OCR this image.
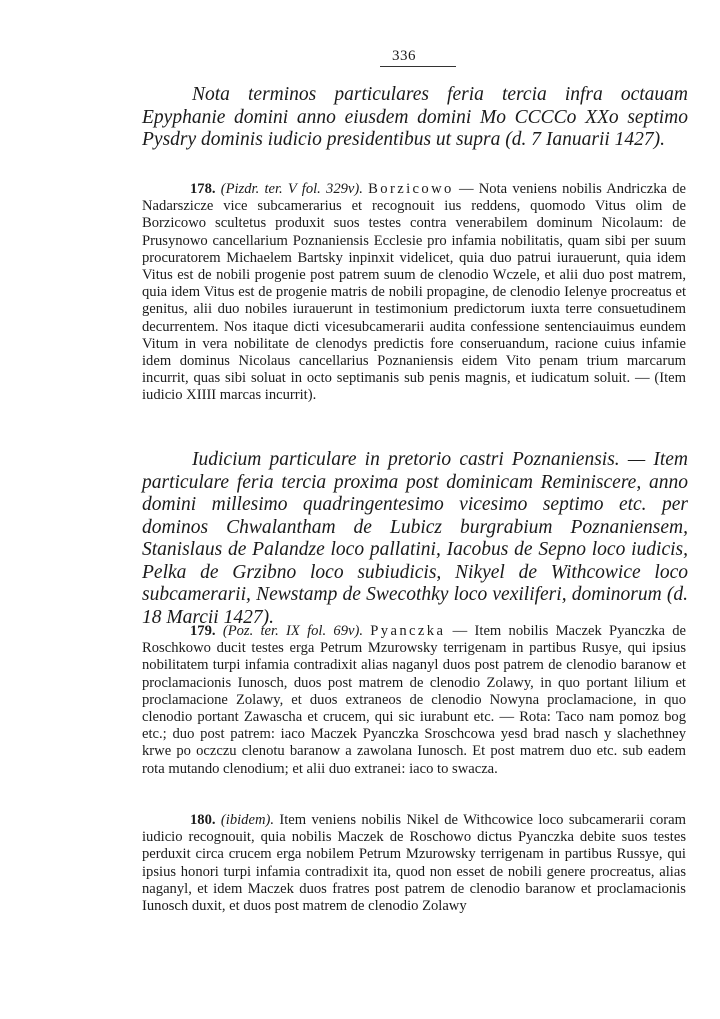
336
Nota terminos particulares feria tercia infra octauam Epyphanie domini anno eiusdem domini Mo CCCCo XXo septimo Pysdry dominis iudicio presidentibus ut supra (d. 7 Ianuarii 1427).
178. (Pizdr. ter. V fol. 329v). Borzicowo — Nota veniens nobilis Andriczka de Nadarszicze vice subcamerarius et recognouit ius reddens, quomodo Vitus olim de Borzicowo scultetus produxit suos testes contra venerabilem dominum Nicolaum: de Prusynowo cancellarium Poznaniensis Ecclesie pro infamia nobilitatis, quam sibi per suum procuratorem Michaelem Bartsky inpinxit videlicet, quia duo patrui iurauerunt, quia idem Vitus est de nobili progenie post patrem suum de clenodio Wczele, et alii duo post matrem, quia idem Vitus est de progenie matris de nobili propagine, de clenodio Ielenye procreatus et genitus, alii duo nobiles iurauerunt in testimonium predictorum iuxta terre consuetudinem decurrentem. Nos itaque dicti vicesubcamerarii audita confessione sentenciauimus eundem Vitum in vera nobilitate de clenodys predictis fore conseruandum, racione cuius infamie idem dominus Nicolaus cancellarius Poznaniensis eidem Vito penam trium marcarum incurrit, quas sibi soluat in octo septimanis sub penis magnis, et iudicatum soluit. — (Item iudicio XIIII marcas incurrit).
Iudicium particulare in pretorio castri Poznaniensis. — Item particulare feria tercia proxima post dominicam Reminiscere, anno domini millesimo quadringentesimo vicesimo septimo etc. per dominos Chwalantham de Lubicz burgrabium Poznaniensem, Stanislaus de Palandze loco pallatini, Iacobus de Sepno loco iudicis, Pelka de Grzibno loco subiudicis, Nikyel de Withcowice loco subcamerarii, Newstamp de Swecothky loco vexiliferi, dominorum (d. 18 Marcii 1427).
179. (Poz. ter. IX fol. 69v). Pyanczka — Item nobilis Maczek Pyanczka de Roschkowo ducit testes erga Petrum Mzurowsky terrigenam in partibus Rusye, qui ipsius nobilitatem turpi infamia contradixit alias naganyl duos post patrem de clenodio baranow et proclamacionis Iunosch, duos post matrem de clenodio Zolawy, in quo portant lilium et proclamacione Zolawy, et duos extraneos de clenodio Nowyna proclamacione, in quo clenodio portant Zawascha et crucem, qui sic iurabunt etc. — Rota: Taco nam pomoz bog etc.; duo post patrem: iaco Maczek Pyanczka Sroschcowa yesd brad nasch y slachethney krwe po oczczu clenotu baranow a zawolana Iunosch. Et post matrem duo etc. sub eadem rota mutando clenodium; et alii duo extranei: iaco to swacza.
180. (ibidem). Item veniens nobilis Nikel de Withcowice loco subcamerarii coram iudicio recognouit, quia nobilis Maczek de Roschowo dictus Pyanczka debite suos testes perduxit circa crucem erga nobilem Petrum Mzurowsky terrigenam in partibus Russye, qui ipsius honori turpi infamia contradixit ita, quod non esset de nobili genere procreatus, alias naganyl, et idem Maczek duos fratres post patrem de clenodio baranow et proclamacionis Iunosch duxit, et duos post matrem de clenodio Zolawy
